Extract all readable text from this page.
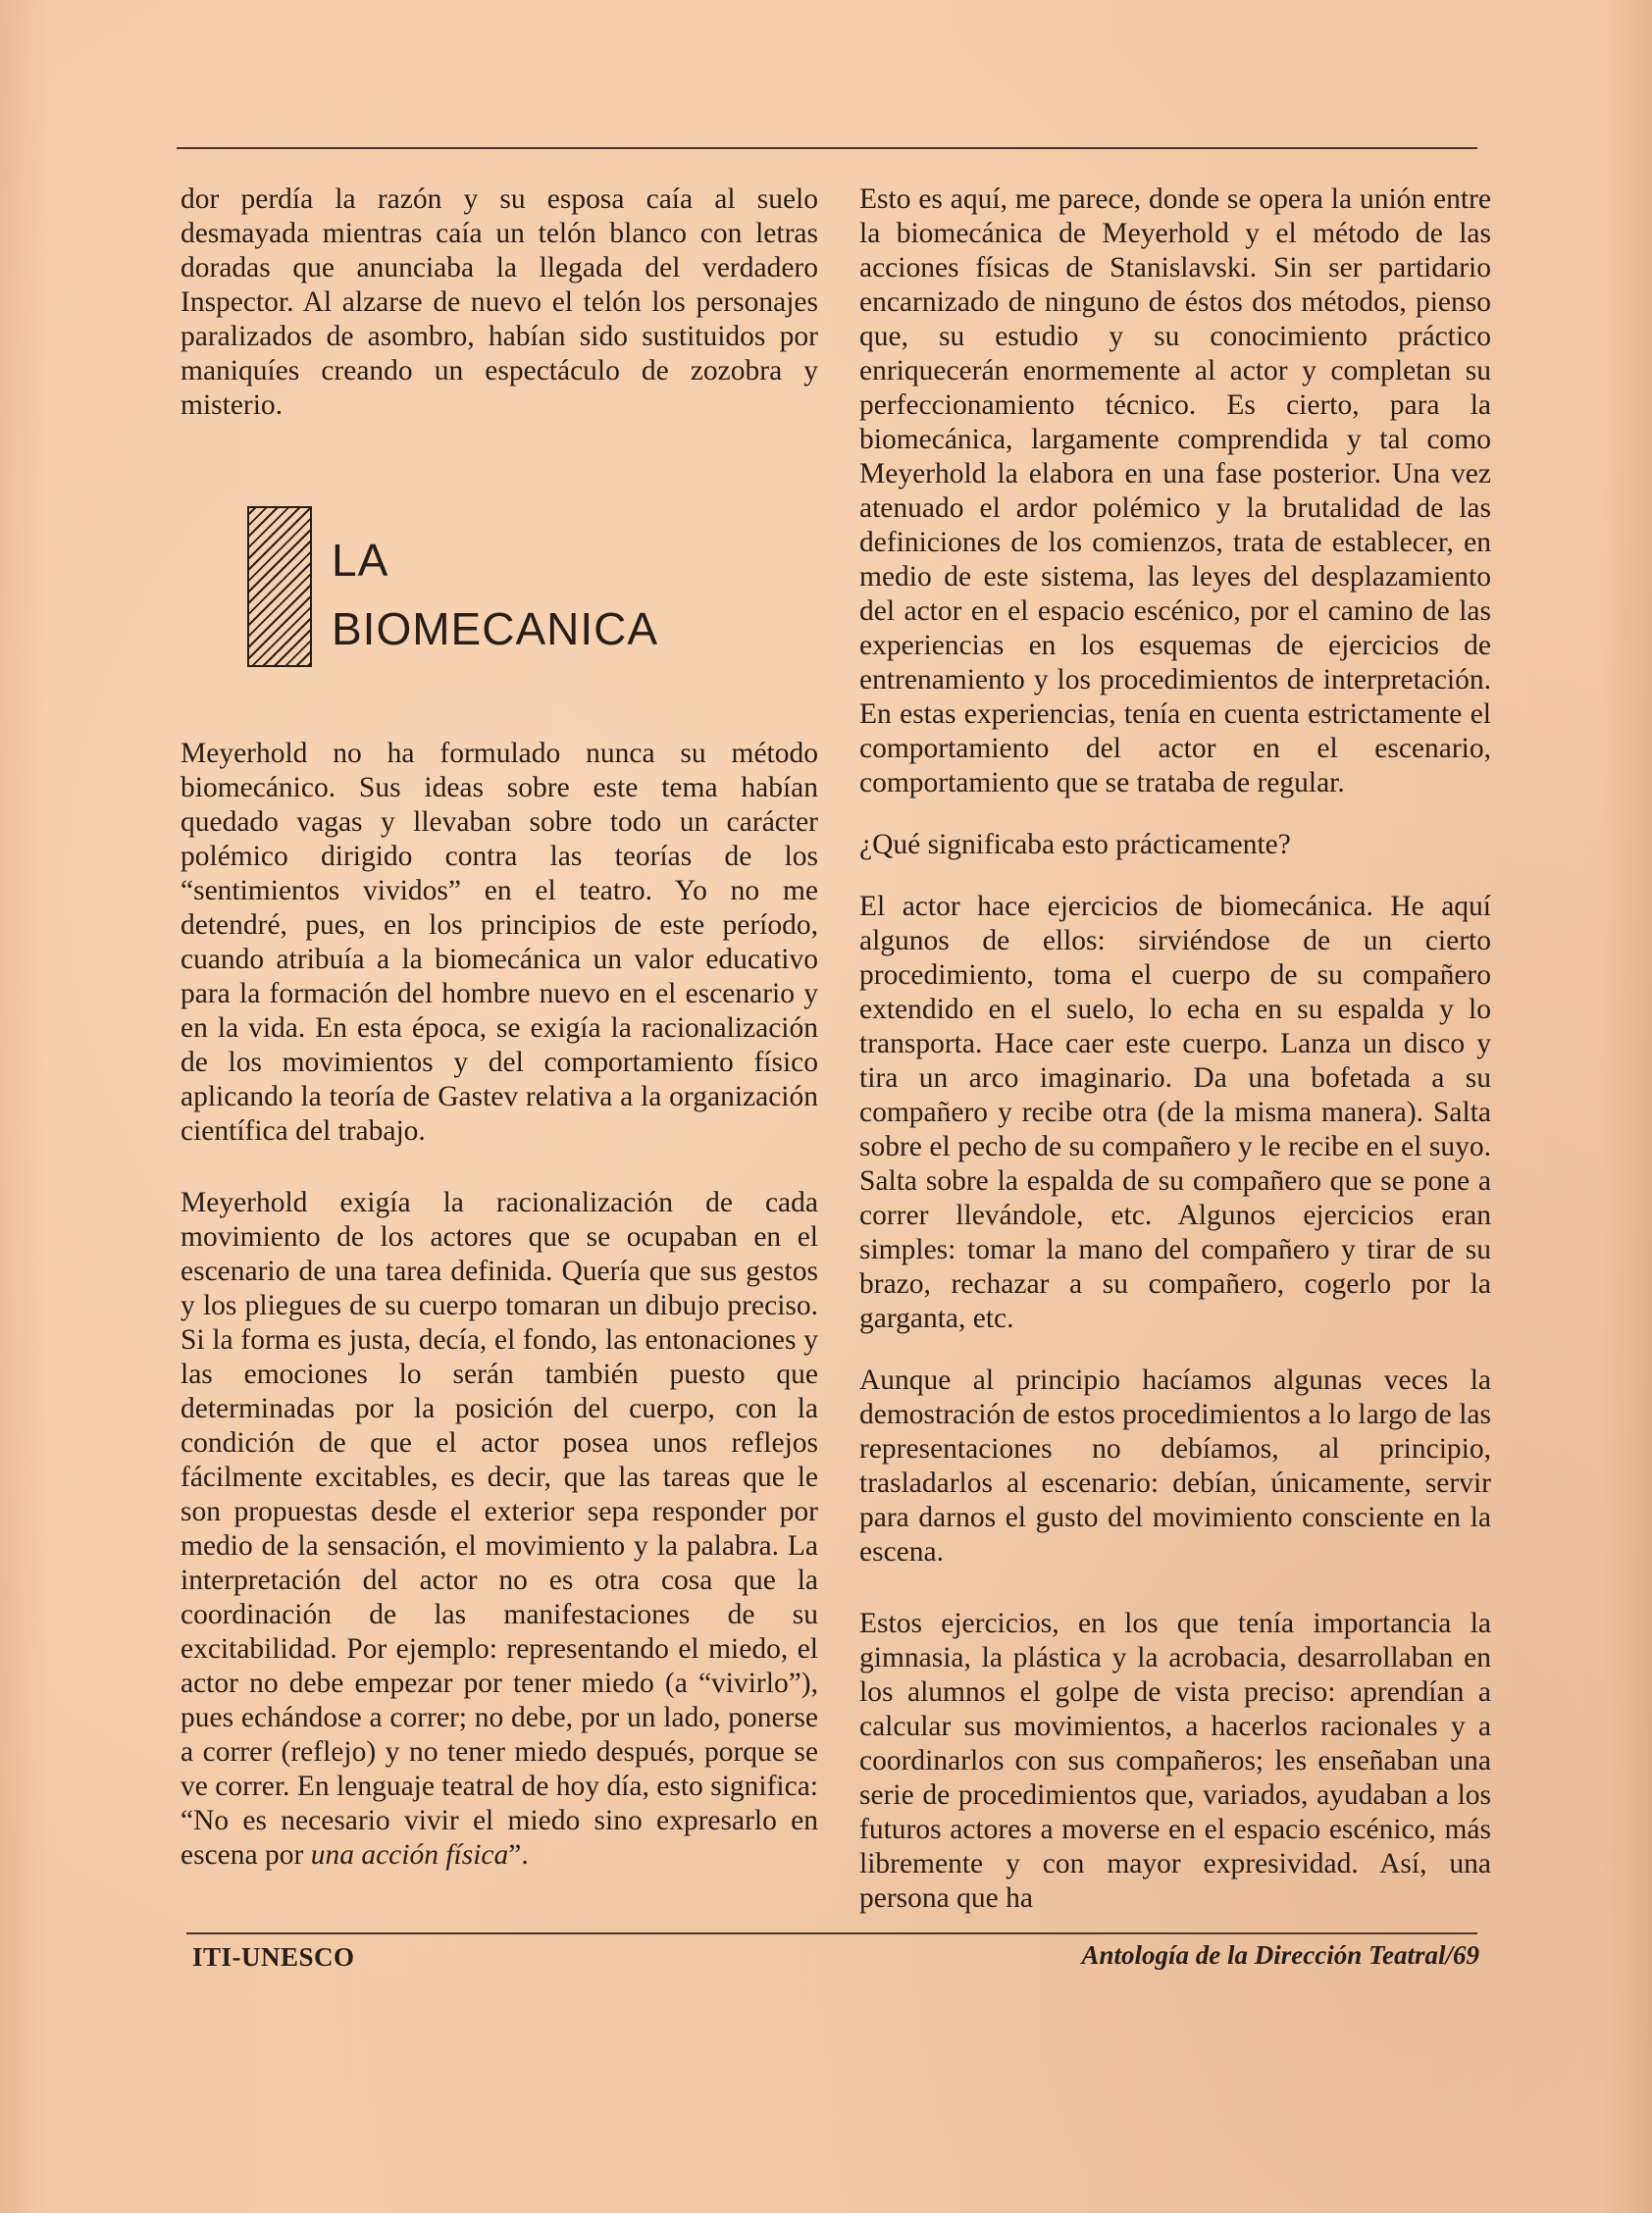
dor perdía la razón y su esposa caía al suelo desmayada mientras caía un telón blanco con letras doradas que anunciaba la llegada del verdadero Inspector. Al alzarse de nuevo el telón los personajes paralizados de asombro, habían sido sustituidos por maniquíes creando un espectáculo de zozobra y misterio.

Meyerhold no ha formulado nunca su método biomecánico. Sus ideas sobre este tema habían quedado vagas y llevaban sobre todo un carácter polémico dirigido contra las teorías de los “sentimientos vividos” en el teatro. Yo no me detendré, pues, en los principios de este período, cuando atribuía a la biomecánica un valor educativo para la formación del hombre nuevo en el escenario y en la vida. En esta época, se exigía la racionalización de los movimientos y del comportamiento físico aplicando la teoría de Gastev relativa a la organización científica del trabajo.

Meyerhold exigía la racionalización de cada movimiento de los actores que se ocupaban en el escenario de una tarea definida. Quería que sus gestos y los pliegues de su cuerpo tomaran un dibujo preciso. Si la forma es justa, decía, el fondo, las entonaciones y las emociones lo serán también puesto que determinadas por la posición del cuerpo, con la condición de que el actor posea unos reflejos fácilmente excitables, es decir, que las tareas que le son propuestas desde el exterior sepa responder por medio de la sensación, el movimiento y la palabra. La interpretación del actor no es otra cosa que la coordinación de las manifestaciones de su excitabilidad. Por ejemplo: representando el miedo, el actor no debe empezar por tener miedo (a “vivirlo”), pues echándose a correr; no debe, por un lado, ponerse a correr (reflejo) y no tener miedo después, porque se ve correr. En lenguaje teatral de hoy día, esto significa: “No es necesario vivir el miedo sino expresarlo en escena por una acción física”.

LA
BIOMECANICA

Esto es aquí, me parece, donde se opera la unión entre la biomecánica de Meyerhold y el método de las acciones físicas de Stanislavski. Sin ser partidario encarnizado de ninguno de éstos dos métodos, pienso que, su estudio y su conocimiento práctico enriquecerán enormemente al actor y completan su perfeccionamiento técnico. Es cierto, para la biomecánica, largamente comprendida y tal como Meyerhold la elabora en una fase posterior. Una vez atenuado el ardor polémico y la brutalidad de las definiciones de los comienzos, trata de establecer, en medio de este sistema, las leyes del desplazamiento del actor en el espacio escénico, por el camino de las experiencias en los esquemas de ejercicios de entrenamiento y los procedimientos de interpretación. En estas experiencias, tenía en cuenta estrictamente el comportamiento del actor en el escenario, comportamiento que se trataba de regular.

¿Qué significaba esto prácticamente?

El actor hace ejercicios de biomecánica. He aquí algunos de ellos: sirviéndose de un cierto procedimiento, toma el cuerpo de su compañero extendido en el suelo, lo echa en su espalda y lo transporta. Hace caer este cuerpo. Lanza un disco y tira un arco imaginario. Da una bofetada a su compañero y recibe otra (de la misma manera). Salta sobre el pecho de su compañero y le recibe en el suyo. Salta sobre la espalda de su compañero que se pone a correr llevándole, etc. Algunos ejercicios eran simples: tomar la mano del compañero y tirar de su brazo, rechazar a su compañero, cogerlo por la garganta, etc.

Aunque al principio hacíamos algunas veces la demostración de estos procedimientos a lo largo de las representaciones no debíamos, al principio, trasladarlos al escenario: debían, únicamente, servir para darnos el gusto del movimiento consciente en la escena.

Estos ejercicios, en los que tenía importancia la gimnasia, la plástica y la acrobacia, desarrollaban en los alumnos el golpe de vista preciso: aprendían a calcular sus movimientos, a hacerlos racionales y a coordinarlos con sus compañeros; les enseñaban una serie de procedimientos que, variados, ayudaban a los futuros actores a moverse en el espacio escénico, más libremente y con mayor expresividad. Así, una persona que ha

ITI-UNESCO	Antología de la Dirección Teatral/69
